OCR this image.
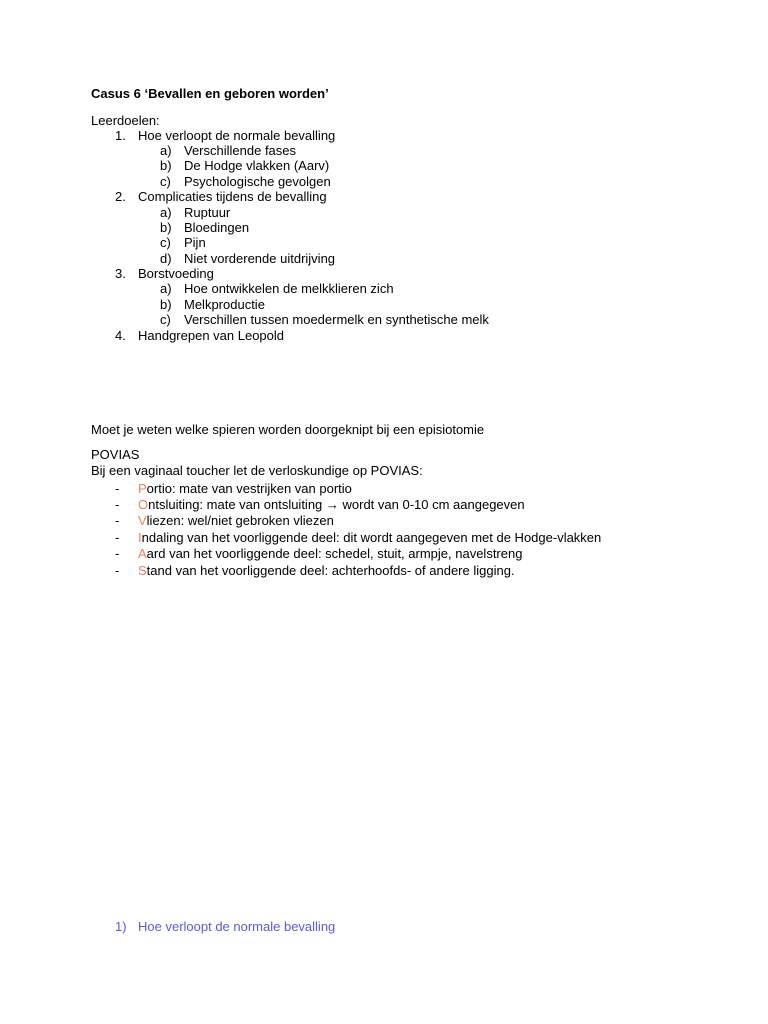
Casus 6 ‘Bevallen en geboren worden’
Leerdoelen:
1. Hoe verloopt de normale bevalling
a) Verschillende fases
b) De Hodge vlakken (Aarv)
c) Psychologische gevolgen
2. Complicaties tijdens de bevalling
a) Ruptuur
b) Bloedingen
c) Pijn
d) Niet vorderende uitdrijving
3. Borstvoeding
a) Hoe ontwikkelen de melkklieren zich
b) Melkproductie
c) Verschillen tussen moedermelk en synthetische melk
4. Handgrepen van Leopold
Moet je weten welke spieren worden doorgeknipt bij een episiotomie
POVIAS
Bij een vaginaal toucher let de verloskundige op POVIAS:
- Portio: mate van vestrijken van portio
- Ontsluiting: mate van ontsluiting → wordt van 0-10 cm aangegeven
- Vliezen: wel/niet gebroken vliezen
- Indaling van het voorliggende deel: dit wordt aangegeven met de Hodge-vlakken
- Aard van het voorliggende deel: schedel, stuit, armpje, navelstreng
- Stand van het voorliggende deel: achterhoofds- of andere ligging.
1) Hoe verloopt de normale bevalling
